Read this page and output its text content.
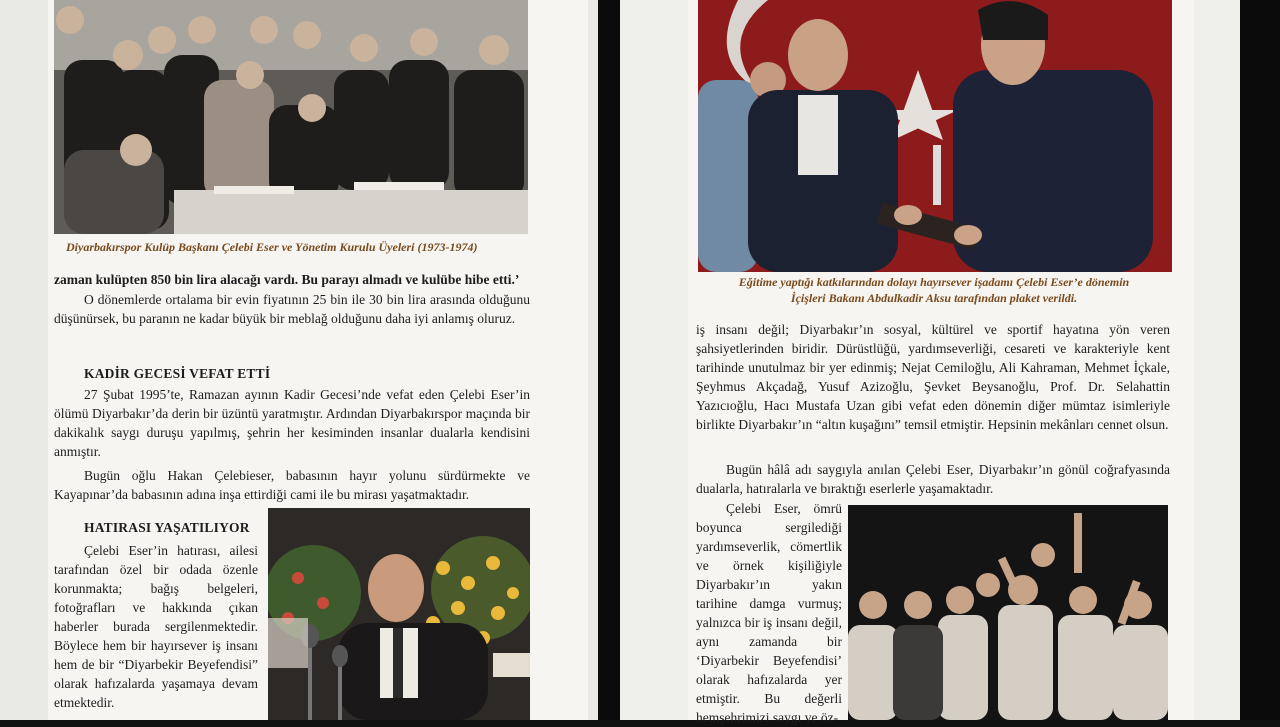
Diyarbakırspor Kulüp Başkanı Çelebi Eser ve Yönetim Kurulu Üyeleri (1973-1974)
zaman kulüpten 850 bin lira alacağı vardı. Bu parayı almadı ve kulübe hibe etti.’

O dönemlerde ortalama bir evin fiyatının 25 bin ile 30 bin lira arasında olduğunu düşünürsek, bu paranın ne kadar büyük bir meblağ olduğunu daha iyi anlamış oluruz.

KADİR GECESİ VEFAT ETTİ

27 Şubat 1995’te, Ramazan ayının Kadir Gecesi’nde vefat eden Çelebi Eser’in ölümü Diyarbakır’da derin bir üzüntü yaratmıştır. Ardından Diyarbakırspor maçında bir dakikalık saygı duruşu yapılmış, şehrin her kesiminden insanlar dualarla kendisini anmıştır.

Bugün oğlu Hakan Çelebieser, babasının hayır yolunu sürdürmekte ve Kayapınar’da babasının adına inşa ettirdiği cami ile bu mirası yaşatmaktadır.

HATIRASI YAŞATILIYOR

Çelebi Eser’in hatırası, ailesi tarafından özel bir odada özenle korunmakta; bağış belgeleri, fotoğrafları ve hakkında çıkan haberler burada sergilenmektedir. Böylece hem bir hayırsever iş insanı hem de bir “Diyarbekir Beyefendisi” olarak hafızalarda yaşamaya devam etmektedir.

Eğitime yaptığı katkılarından dolayı hayırsever işadamı Çelebi Eser’e dönemin İçişleri Bakanı Abdulkadir Aksu tarafından plaket verildi.

iş insanı değil; Diyarbakır’ın sosyal, kültürel ve sportif hayatına yön veren şahsiyetlerinden biridir. Dürüstlüğü, yardımseverliği, cesareti ve karakteriyle kent tarihinde unutulmaz bir yer edinmiş; Nejat Cemiloğlu, Ali Kahraman, Mehmet İçkale, Şeyhmus Akçadağ, Yusuf Azizoğlu, Şevket Beysanoğlu, Prof. Dr. Selahattin Yazıcıoğlu, Hacı Mustafa Uzan gibi vefat eden dönemin diğer mümtaz isimleriyle birlikte Diyarbakır’ın “altın kuşağını” temsil etmiştir. Hepsinin mekânları cennet olsun.

Bugün hâlâ adı saygıyla anılan Çelebi Eser, Diyarbakır’ın gönül coğrafyasında dualarla, hatıralarla ve bıraktığı eserlerle yaşamaktadır.

Çelebi Eser, ömrü boyunca sergilediği yardımseverlik, cömertlik ve örnek kişiliğiyle Diyarbakır’ın yakın tarihine damga vurmuş; yalnızca bir iş insanı değil, aynı zamanda bir ‘Diyarbekir Beyefendisi’ olarak hafızalarda yer etmiştir. Bu değerli hemşehrimizi saygı ve öz-
